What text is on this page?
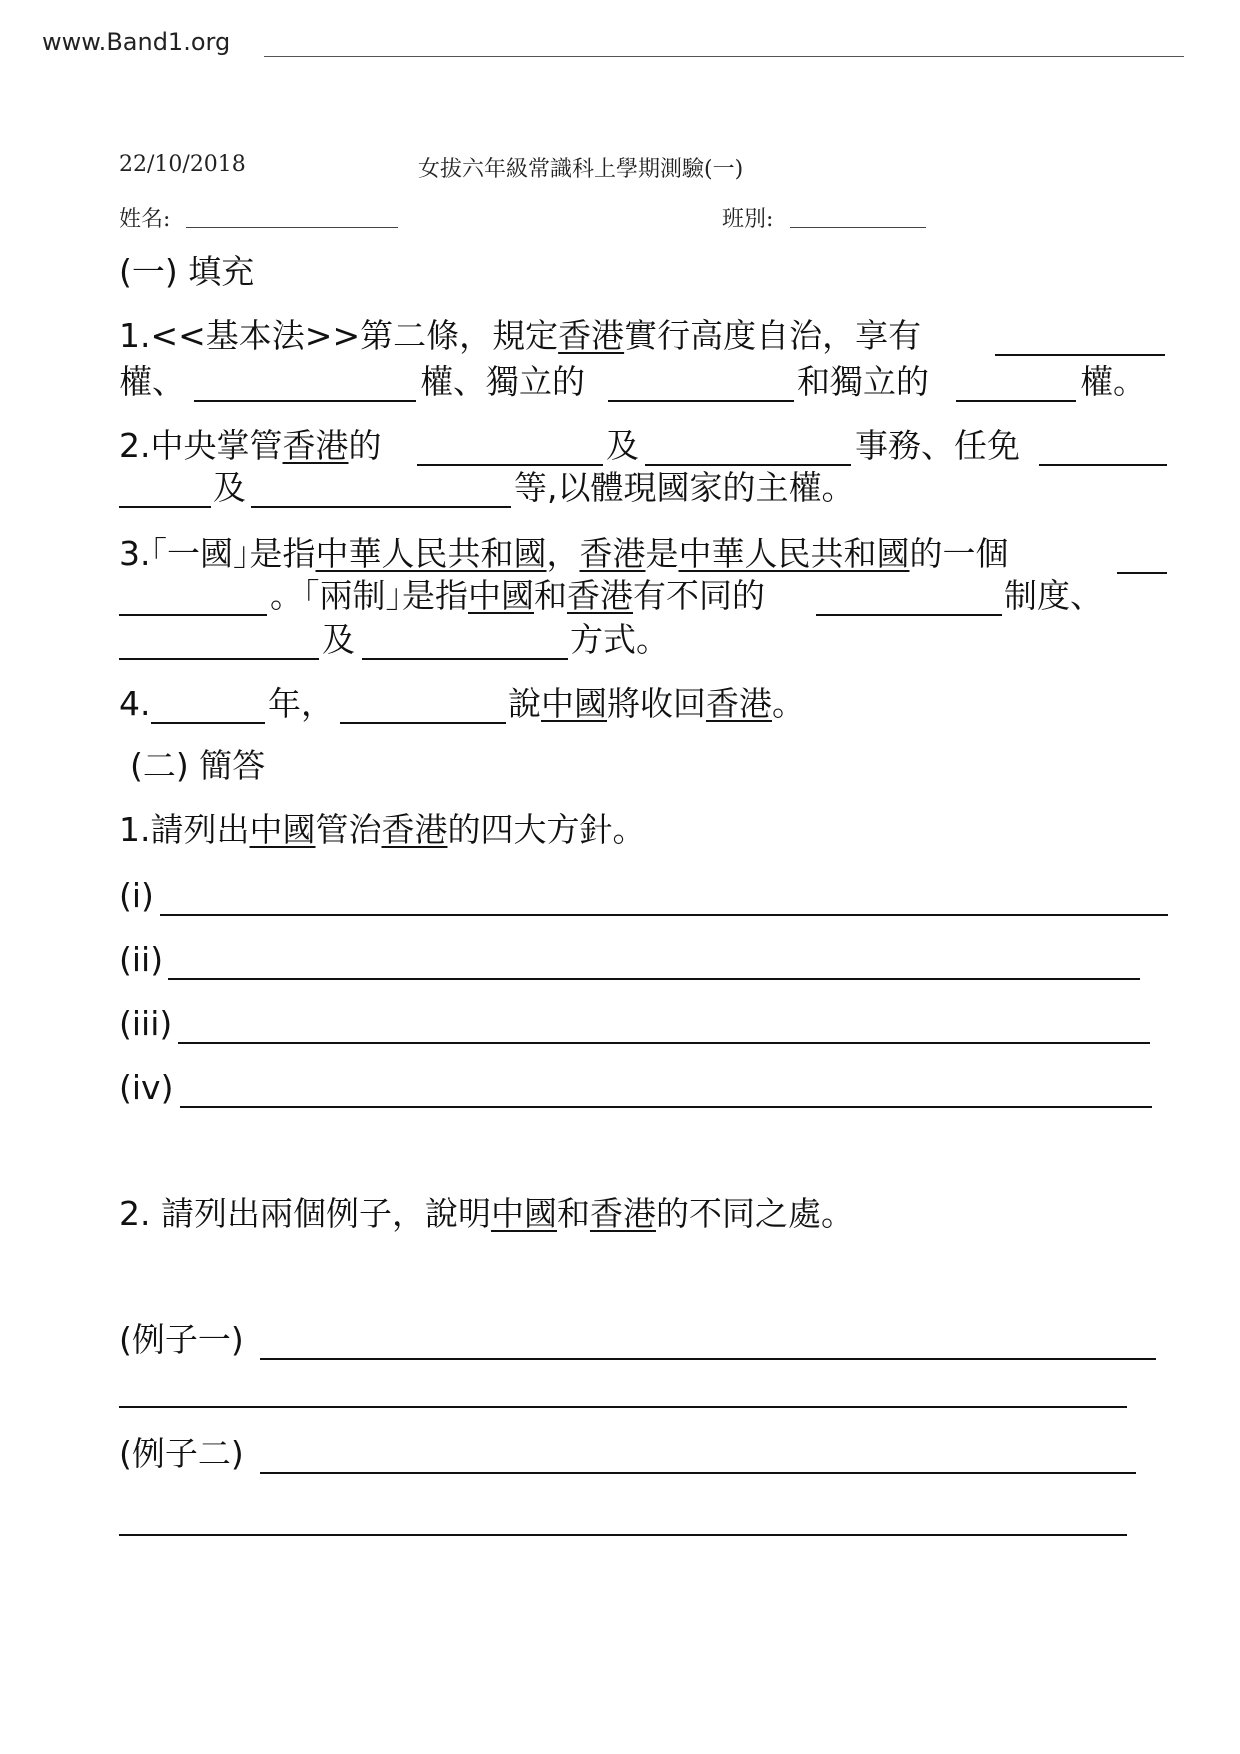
www.Band1.org
22/10/2018	女拔六年級常識科上學期測驗(一)
姓名:	班別:
(一) 填充
1.<<基本法>>第二條，規定香港實行高度自治，享有
權、	權、獨立的	和獨立的	權。
2.中央掌管香港的	及	事務、任免
及	等,以體現國家的主權。
3.｢一國｣是指中華人民共和國，香港是中華人民共和國的一個
。｢兩制｣是指中國和香港有不同的	制度、
及	方式。
4.	年，	說中國將收回香港。
(二) 簡答
1.請列出中國管治香港的四大方針。
(i)
(ii)
(iii)
(iv)
2. 請列出兩個例子，說明中國和香港的不同之處。
(例子一)
(例子二)
